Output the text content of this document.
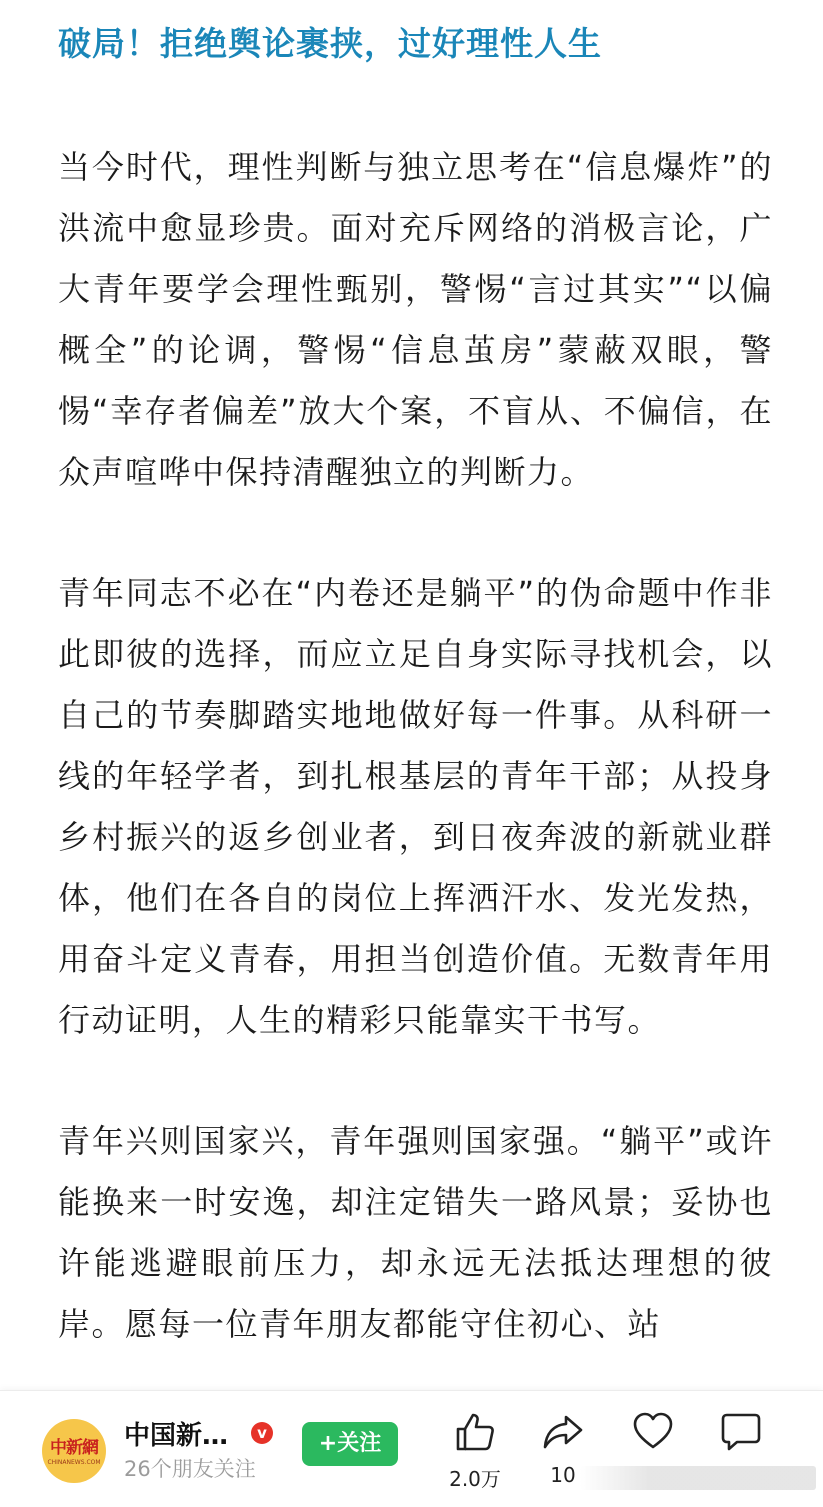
破局！拒绝舆论裹挟，过好理性人生

当今时代，理性判断与独立思考在“信息爆炸”的洪流中愈显珍贵。面对充斥网络的消极言论，广大青年要学会理性甄别，警惕“言过其实”“以偏概全”的论调，警惕“信息茧房”蒙蔽双眼，警惕“幸存者偏差”放大个案，不盲从、不偏信，在众声喧哗中保持清醒独立的判断力。

青年同志不必在“内卷还是躺平”的伪命题中作非此即彼的选择，而应立足自身实际寻找机会，以自己的节奏脚踏实地地做好每一件事。从科研一线的年轻学者，到扎根基层的青年干部；从投身乡村振兴的返乡创业者，到日夜奔波的新就业群体，他们在各自的岗位上挥洒汗水、发光发热，用奋斗定义青春，用担当创造价值。无数青年用行动证明，人生的精彩只能靠实干书写。

青年兴则国家兴，青年强则国家强。“躺平”或许能换来一时安逸，却注定错失一路风景；妥协也许能逃避眼前压力，却永远无法抵达理想的彼岸。愿每一位青年朋友都能守住初心、站

中新網
CHINANEWS.COM
中国新…	v
26个朋友关注
+关注
2.0万	10
